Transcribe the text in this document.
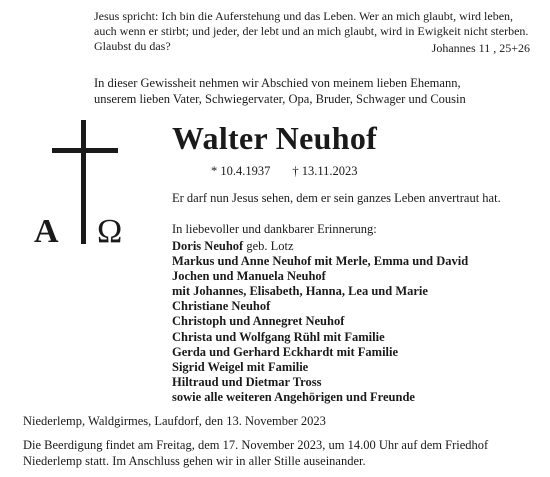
Jesus spricht: Ich bin die Auferstehung und das Leben. Wer an mich glaubt, wird leben,
auch wenn er stirbt; und jeder, der lebt und an mich glaubt, wird in Ewigkeit nicht sterben.
Glaubst du das?	Johannes 11 , 25+26
In dieser Gewissheit nehmen wir Abschied von meinem lieben Ehemann,
unserem lieben Vater, Schwiegervater, Opa, Bruder, Schwager und Cousin
A Ω
Walter Neuhof
* 10.4.1937 † 13.11.2023
Er darf nun Jesus sehen, dem er sein ganzes Leben anvertraut hat.
In liebevoller und dankbarer Erinnerung:
Doris Neuhof geb. Lotz
Markus und Anne Neuhof mit Merle, Emma und David
Jochen und Manuela Neuhof
mit Johannes, Elisabeth, Hanna, Lea und Marie
Christiane Neuhof
Christoph und Annegret Neuhof
Christa und Wolfgang Rühl mit Familie
Gerda und Gerhard Eckhardt mit Familie
Sigrid Weigel mit Familie
Hiltraud und Dietmar Tross
sowie alle weiteren Angehörigen und Freunde
Niederlemp, Waldgirmes, Laufdorf, den 13. November 2023
Die Beerdigung findet am Freitag, dem 17. November 2023, um 14.00 Uhr auf dem Friedhof
Niederlemp statt. Im Anschluss gehen wir in aller Stille auseinander.
